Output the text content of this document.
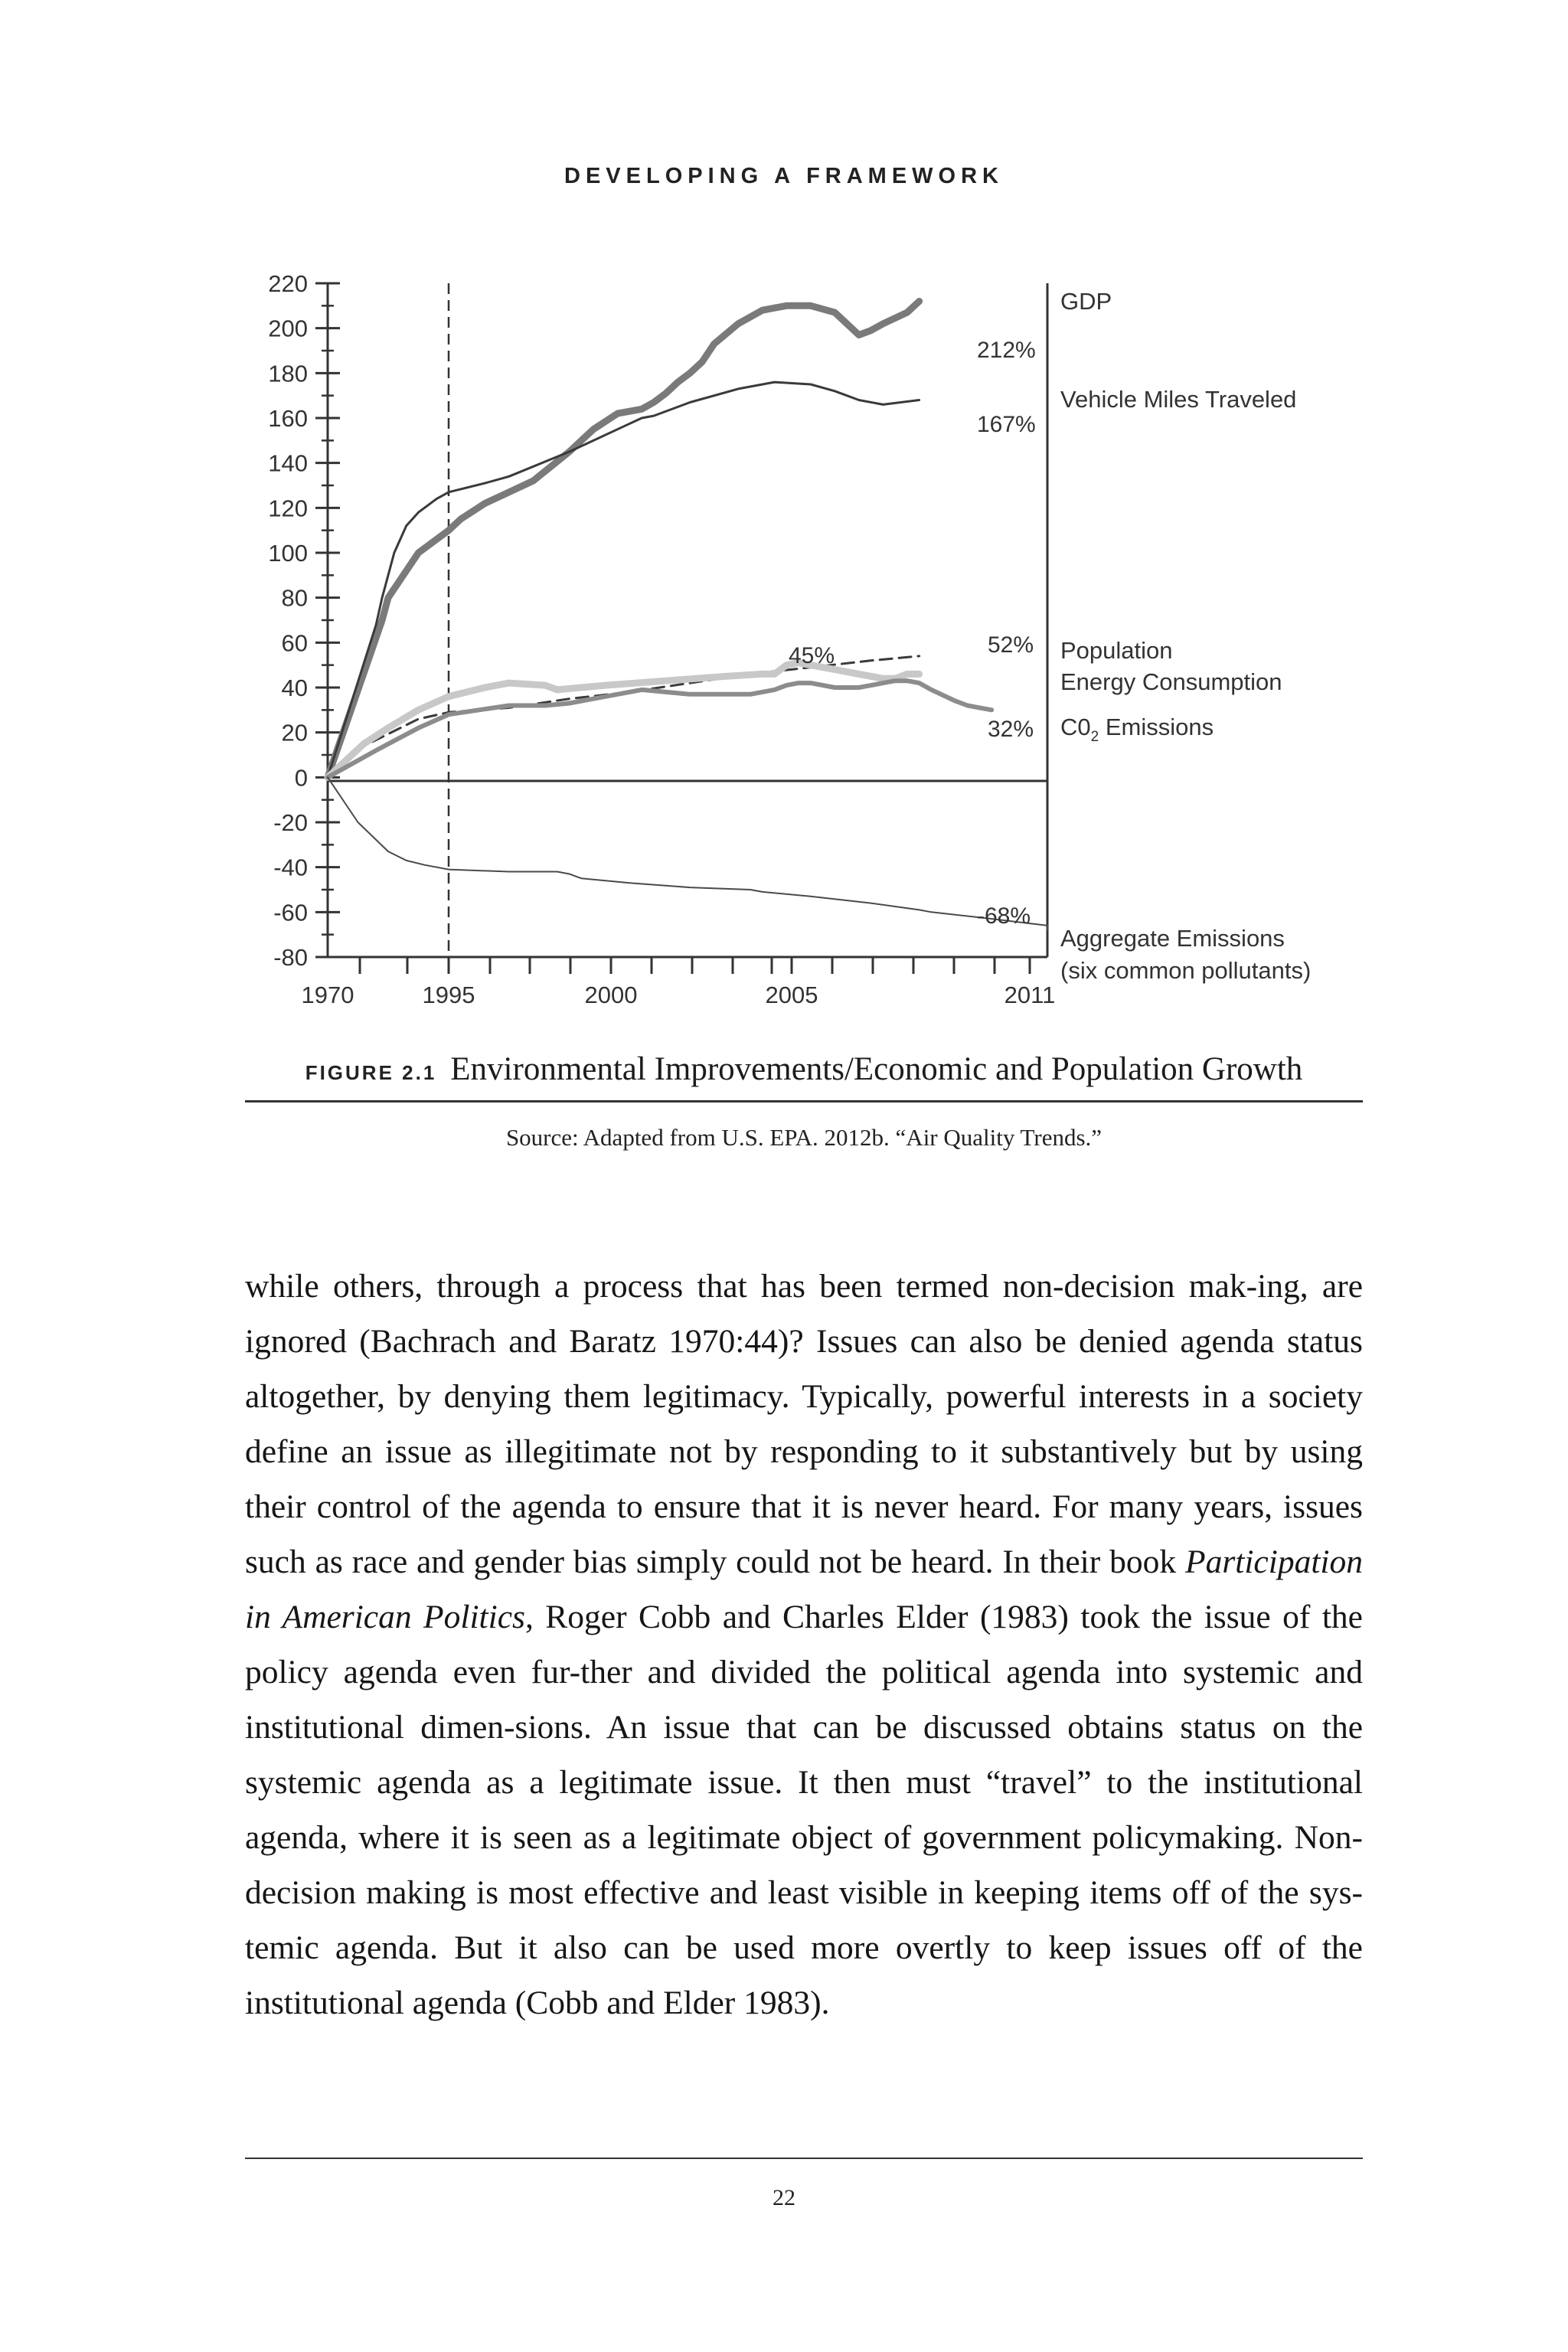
DEVELOPING A FRAMEWORK
220
200
180
160
140
120
100
80
60
40
20
0
-20
-40
-60
-80
1970	1995	2000	2005	2011
212%
167%
45%	52%
32%
-68%
GDP
Vehicle Miles Traveled
Population
Energy Consumption
$C0_2$ Emissions
Aggregate Emissions
(six common pollutants)
FIGURE 2.1 Environmental Improvements/Economic and Population Growth
Source: Adapted from U.S. EPA. 2012b. “Air Quality Trends.”

while others, through a process that has been termed non-decision mak-ing, are ignored (Bachrach and Baratz 1970:44)? Issues can also be denied agenda status altogether, by denying them legitimacy. Typically, powerful interests in a society define an issue as illegitimate not by responding to it substantively but by using their control of the agenda to ensure that it is never heard. For many years, issues such as race and gender bias simply could not be heard. In their book Participation in American Politics, Roger Cobb and Charles Elder (1983) took the issue of the policy agenda even fur-ther and divided the political agenda into systemic and institutional dimen-sions. An issue that can be discussed obtains status on the systemic agenda as a legitimate issue. It then must “travel” to the institutional agenda, where it is seen as a legitimate object of government policymaking. Non-decision making is most effective and least visible in keeping items off of the sys-temic agenda. But it also can be used more overtly to keep issues off of the institutional agenda (Cobb and Elder 1983).

22
